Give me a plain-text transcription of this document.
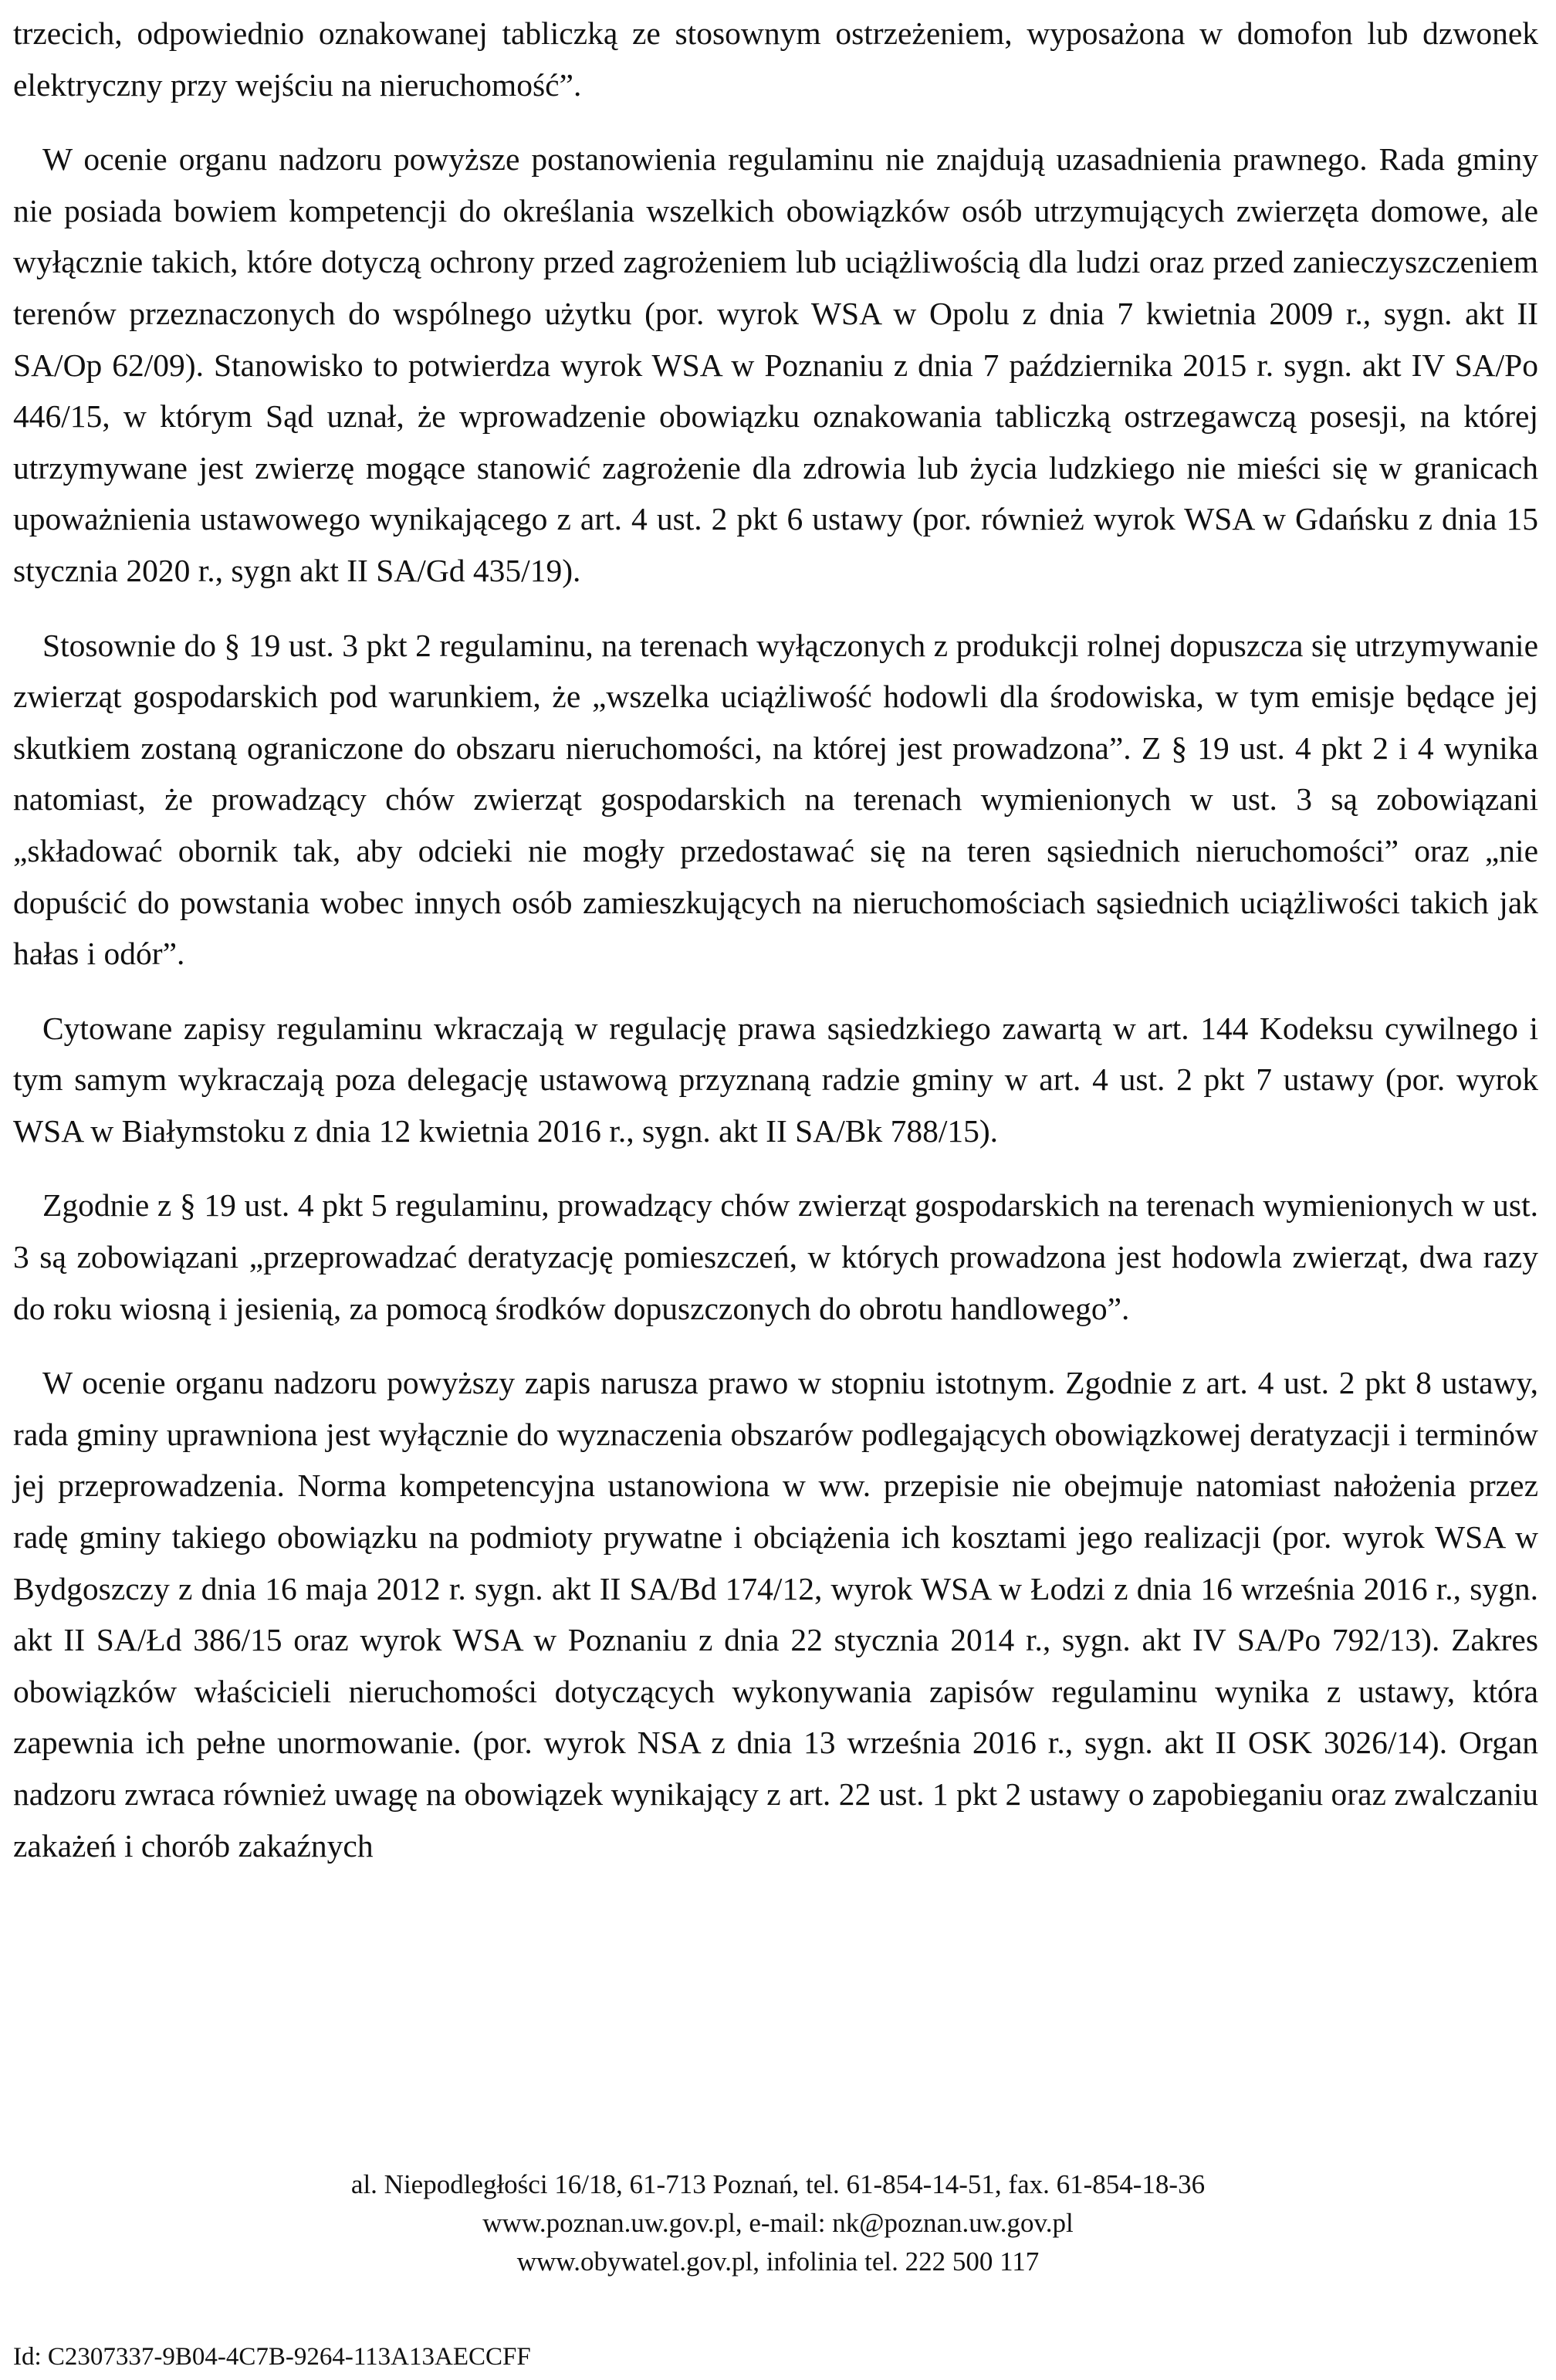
trzecich, odpowiednio oznakowanej tabliczką ze stosownym ostrzeżeniem, wyposażona w domofon lub dzwonek elektryczny przy wejściu na nieruchomość”.

W ocenie organu nadzoru powyższe postanowienia regulaminu nie znajdują uzasadnienia prawnego. Rada gminy nie posiada bowiem kompetencji do określania wszelkich obowiązków osób utrzymujących zwierzęta domowe, ale wyłącznie takich, które dotyczą ochrony przed zagrożeniem lub uciążliwością dla ludzi oraz przed zanieczyszczeniem terenów przeznaczonych do wspólnego użytku (por. wyrok WSA w Opolu z dnia 7 kwietnia 2009 r., sygn. akt II SA/Op 62/09). Stanowisko to potwierdza wyrok WSA w Poznaniu z dnia 7 października 2015 r. sygn. akt IV SA/Po 446/15, w którym Sąd uznał, że wprowadzenie obowiązku oznakowania tabliczką ostrzegawczą posesji, na której utrzymywane jest zwierzę mogące stanowić zagrożenie dla zdrowia lub życia ludzkiego nie mieści się w granicach upoważnienia ustawowego wynikającego z art. 4 ust. 2 pkt 6 ustawy (por. również wyrok WSA w Gdańsku z dnia 15 stycznia 2020 r., sygn akt II SA/Gd 435/19).

Stosownie do § 19 ust. 3 pkt 2 regulaminu, na terenach wyłączonych z produkcji rolnej dopuszcza się utrzymywanie zwierząt gospodarskich pod warunkiem, że „wszelka uciążliwość hodowli dla środowiska, w tym emisje będące jej skutkiem zostaną ograniczone do obszaru nieruchomości, na której jest prowadzona”. Z § 19 ust. 4 pkt 2 i 4 wynika natomiast, że prowadzący chów zwierząt gospodarskich na terenach wymienionych w ust. 3 są zobowiązani „składować obornik tak, aby odcieki nie mogły przedostawać się na teren sąsiednich nieruchomości” oraz „nie dopuścić do powstania wobec innych osób zamieszkujących na nieruchomościach sąsiednich uciążliwości takich jak hałas i odór”.

Cytowane zapisy regulaminu wkraczają w regulację prawa sąsiedzkiego zawartą w art. 144 Kodeksu cywilnego i tym samym wykraczają poza delegację ustawową przyznaną radzie gminy w art. 4 ust. 2 pkt 7 ustawy (por. wyrok WSA w Białymstoku z dnia 12 kwietnia 2016 r., sygn. akt II SA/Bk 788/15).

Zgodnie z § 19 ust. 4 pkt 5 regulaminu, prowadzący chów zwierząt gospodarskich na terenach wymienionych w ust. 3 są zobowiązani „przeprowadzać deratyzację pomieszczeń, w których prowadzona jest hodowla zwierząt, dwa razy do roku wiosną i jesienią, za pomocą środków dopuszczonych do obrotu handlowego”.

W ocenie organu nadzoru powyższy zapis narusza prawo w stopniu istotnym. Zgodnie z art. 4 ust. 2 pkt 8 ustawy, rada gminy uprawniona jest wyłącznie do wyznaczenia obszarów podlegających obowiązkowej deratyzacji i terminów jej przeprowadzenia. Norma kompetencyjna ustanowiona w ww. przepisie nie obejmuje natomiast nałożenia przez radę gminy takiego obowiązku na podmioty prywatne i obciążenia ich kosztami jego realizacji (por. wyrok WSA w Bydgoszczy z dnia 16 maja 2012 r. sygn. akt II SA/Bd 174/12, wyrok WSA w Łodzi z dnia 16 września 2016 r., sygn. akt II SA/Łd 386/15 oraz wyrok WSA w Poznaniu z dnia 22 stycznia 2014 r., sygn. akt IV SA/Po 792/13). Zakres obowiązków właścicieli nieruchomości dotyczących wykonywania zapisów regulaminu wynika z ustawy, która zapewnia ich pełne unormowanie. (por. wyrok NSA z dnia 13 września 2016 r., sygn. akt II OSK 3026/14). Organ nadzoru zwraca również uwagę na obowiązek wynikający z art. 22 ust. 1 pkt 2 ustawy o zapobieganiu oraz zwalczaniu zakażeń i chorób zakaźnych

al. Niepodległości 16/18, 61-713 Poznań, tel. 61-854-14-51, fax. 61-854-18-36
www.poznan.uw.gov.pl, e-mail: nk@poznan.uw.gov.pl
www.obywatel.gov.pl, infolinia tel. 222 500 117
Id: C2307337-9B04-4C7B-9264-113A13AECCFF
